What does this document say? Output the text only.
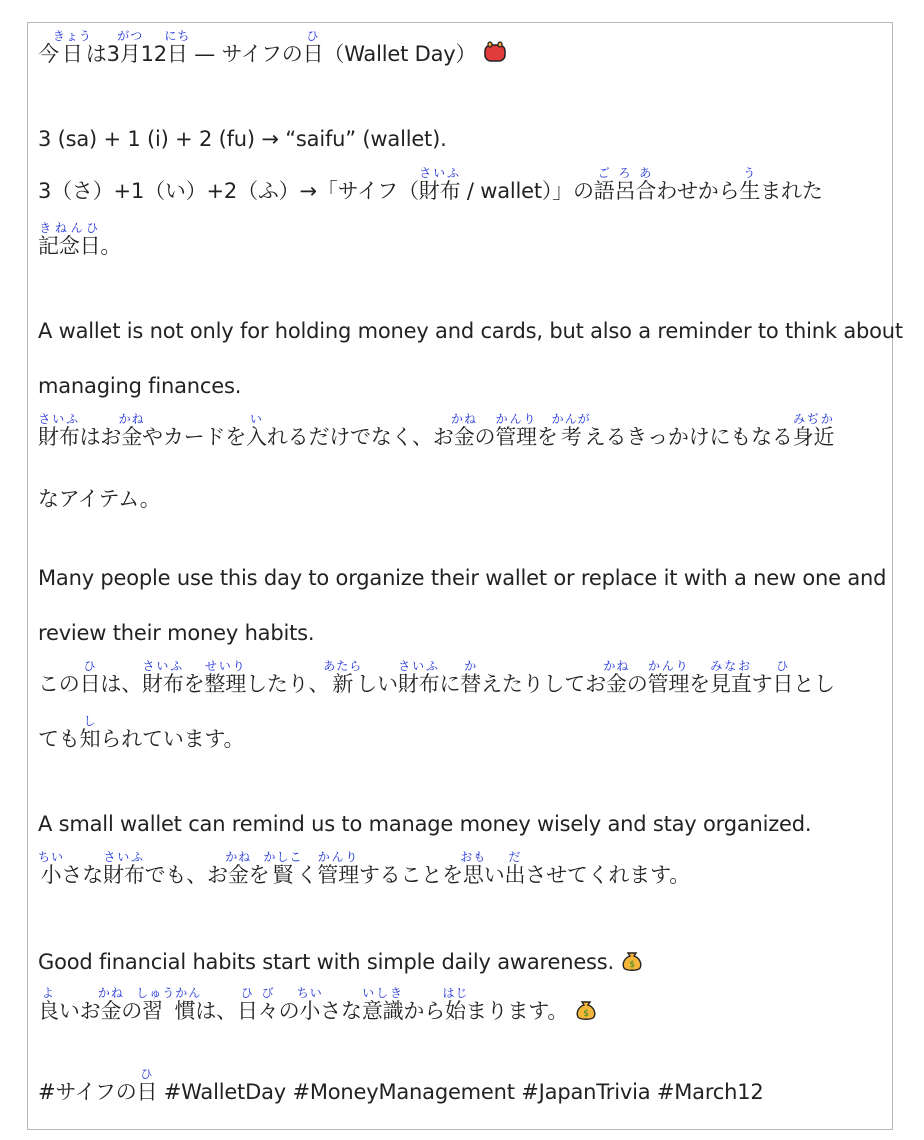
今日きょうは3月がつ12日にち — サイフの日ひ（Wallet Day）
3 (sa) + 1 (i) + 2 (fu) → “saifu” (wallet).
3（さ）+1（い）+2（ふ）→「サイフ（財布さいふ / wallet）」の語呂合ごろあわせから生うまれた
記念日きねんひ。
A wallet is not only for holding money and cards, but also a reminder to think about
managing finances.
財布さいふはお金かねやカードを入いれるだけでなく、お金かねの管理かんりを考かんがえるきっかけにもなる身近みぢか
なアイテム。
Many people use this day to organize their wallet or replace it with a new one and
review their money habits.
この日ひは、財布さいふを整理せいりしたり、新あたらしい財布さいふに替かえたりしてお金かねの管理かんりを見直みなおす日ひとし
ても知しられています。
A small wallet can remind us to manage money wisely and stay organized.
小ちいさな財布さいふでも、お金かねを賢かしこく管理かんりすることを思おもい出ださせてくれます。
Good financial habits start with simple daily awareness. $
良よいお金かねの習慣しゅうかんは、日々ひびの小ちいさな意識いしきから始はじまります。 $
#サイフの日ひ #WalletDay #MoneyManagement #JapanTrivia #March12
